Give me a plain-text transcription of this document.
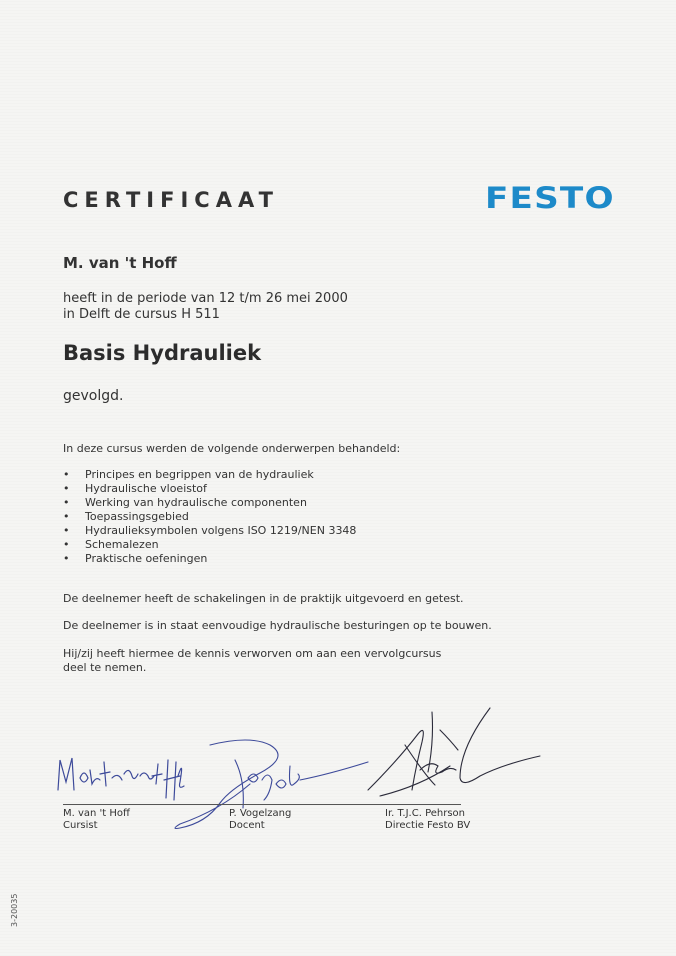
CERTIFICAAT	FESTO
M. van 't Hoff
heeft in de periode van 12 t/m 26 mei 2000
in Delft de cursus H 511
Basis Hydrauliek
gevolgd.
In deze cursus werden de volgende onderwerpen behandeld:
• Principes en begrippen van de hydrauliek
• Hydraulische vloeistof
• Werking van hydraulische componenten
• Toepassingsgebied
• Hydraulieksymbolen volgens ISO 1219/NEN 3348
• Schemalezen
• Praktische oefeningen
De deelnemer heeft de schakelingen in de praktijk uitgevoerd en getest.
De deelnemer is in staat eenvoudige hydraulische besturingen op te bouwen.
Hij/zij heeft hiermee de kennis verworven om aan een vervolgcursus deel te nemen.
M. van 't Hoff
Cursist
P. Vogelzang
Docent
Ir. T.J.C. Pehrson
Directie Festo BV
3-20035
